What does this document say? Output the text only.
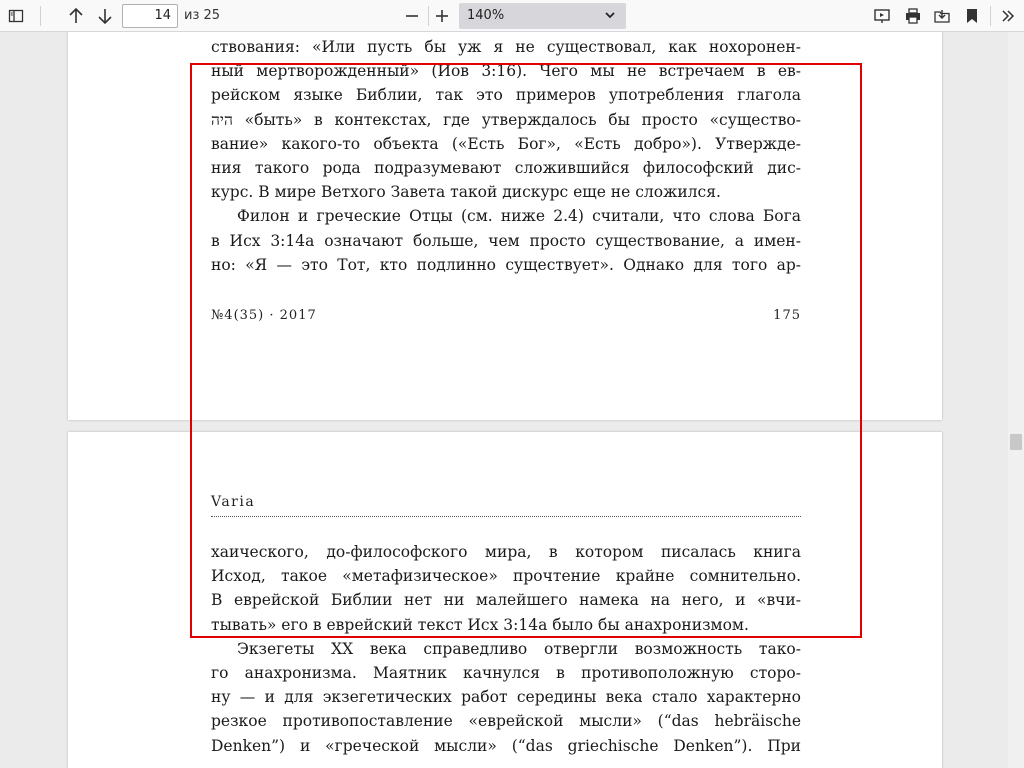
14	из 25	140%
ствования: «Или пусть бы уж я не существовал, как нохоронен-
ный мертворожденный» (Иов 3:16). Чего мы не встречаем в ев-
рейском языке Библии, так это примеров употребления глагола
היה «быть» в контекстах, где утверждалось бы просто «существо-
вание» какого-то объекта («Есть Бог», «Есть добро»). Утвержде-
ния такого рода подразумевают сложившийся философский дис-
курс. В мире Ветхого Завета такой дискурс еще не сложился.
Филон и греческие Отцы (см. ниже 2.4) считали, что слова Бога
в Исх 3:14a означают больше, чем просто существование, а имен-
но: «Я — это Тот, кто подлинно существует». Однако для того ар-
№4(35) · 2017	175
Varia
хаического, до-философского мира, в котором писалась книга
Исход, такое «метафизическое» прочтение крайне сомнительно.
В еврейской Библии нет ни малейшего намека на него, и «вчи-
тывать» его в еврейский текст Исх 3:14a было бы анахронизмом.
Экзегеты XX века справедливо отвергли возможность тако-
го анахронизма. Маятник качнулся в противоположную сторо-
ну — и для экзегетических работ середины века стало характерно
резкое противопоставление «еврейской мысли» (“das hebräische
Denken”) и «греческой мысли» (“das griechische Denken”). При
